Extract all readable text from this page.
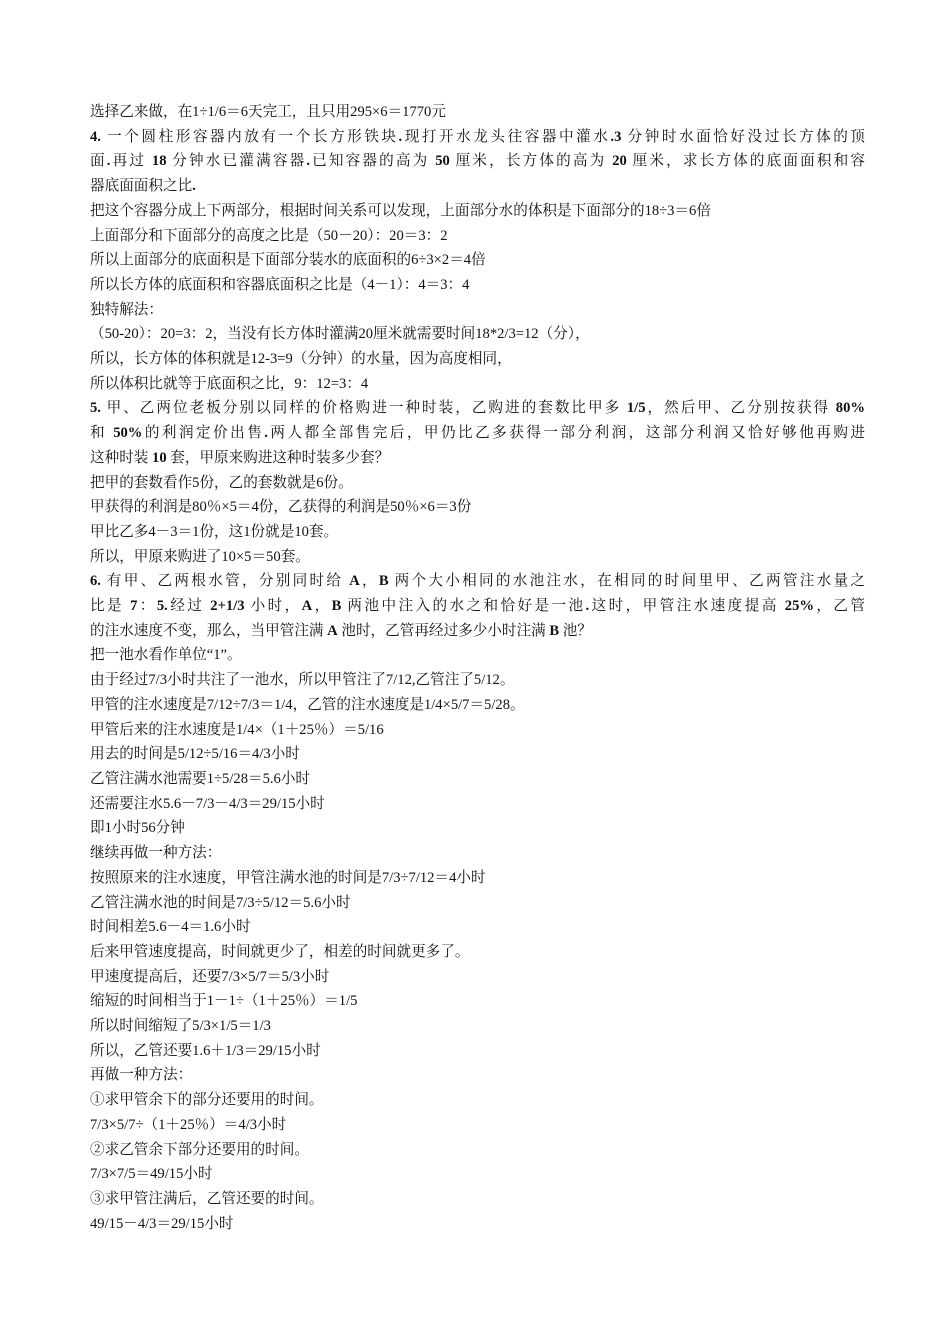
选择乙来做，在1÷1/6＝6天完工，且只用295×6＝1770元
4. 一个圆柱形容器内放有一个长方形铁块.现打开水龙头往容器中灌水.3 分钟时水面恰好没过长方体的顶
面.再过 18 分钟水已灌满容器.已知容器的高为 50 厘米，长方体的高为 20 厘米，求长方体的底面面积和容
器底面面积之比.
把这个容器分成上下两部分，根据时间关系可以发现，上面部分水的体积是下面部分的18÷3＝6倍
上面部分和下面部分的高度之比是（50－20）：20＝3：2
所以上面部分的底面积是下面部分装水的底面积的6÷3×2＝4倍
所以长方体的底面积和容器底面积之比是（4－1）：4＝3：4
独特解法：
（50-20）：20=3：2，当没有长方体时灌满20厘米就需要时间18*2/3=12（分），
所以，长方体的体积就是12-3=9（分钟）的水量，因为高度相同，
所以体积比就等于底面积之比，9：12=3：4
5. 甲、乙两位老板分别以同样的价格购进一种时装，乙购进的套数比甲多 1/5，然后甲、乙分别按获得 80%
和 50%的利润定价出售.两人都全部售完后，甲仍比乙多获得一部分利润，这部分利润又恰好够他再购进
这种时装 10 套，甲原来购进这种时装多少套？
把甲的套数看作5份，乙的套数就是6份。
甲获得的利润是80％×5＝4份，乙获得的利润是50％×6＝3份
甲比乙多4－3＝1份，这1份就是10套。
所以，甲原来购进了10×5＝50套。
6. 有甲、乙两根水管，分别同时给 A，B 两个大小相同的水池注水，在相同的时间里甲、乙两管注水量之
比是 7：5.经过 2+1/3 小时，A，B 两池中注入的水之和恰好是一池.这时，甲管注水速度提高 25%，乙管
的注水速度不变，那么，当甲管注满 A 池时，乙管再经过多少小时注满 B 池？
把一池水看作单位“1”。
由于经过7/3小时共注了一池水，所以甲管注了7/12,乙管注了5/12。
甲管的注水速度是7/12÷7/3＝1/4，乙管的注水速度是1/4×5/7＝5/28。
甲管后来的注水速度是1/4×（1＋25％）＝5/16
用去的时间是5/12÷5/16＝4/3小时
乙管注满水池需要1÷5/28＝5.6小时
还需要注水5.6－7/3－4/3＝29/15小时
即1小时56分钟
继续再做一种方法：
按照原来的注水速度，甲管注满水池的时间是7/3÷7/12＝4小时
乙管注满水池的时间是7/3÷5/12＝5.6小时
时间相差5.6－4＝1.6小时
后来甲管速度提高，时间就更少了，相差的时间就更多了。
甲速度提高后，还要7/3×5/7＝5/3小时
缩短的时间相当于1－1÷（1＋25％）＝1/5
所以时间缩短了5/3×1/5＝1/3
所以，乙管还要1.6＋1/3＝29/15小时
再做一种方法：
①求甲管余下的部分还要用的时间。
7/3×5/7÷（1＋25％）＝4/3小时
②求乙管余下部分还要用的时间。
7/3×7/5＝49/15小时
③求甲管注满后，乙管还要的时间。
49/15－4/3＝29/15小时
